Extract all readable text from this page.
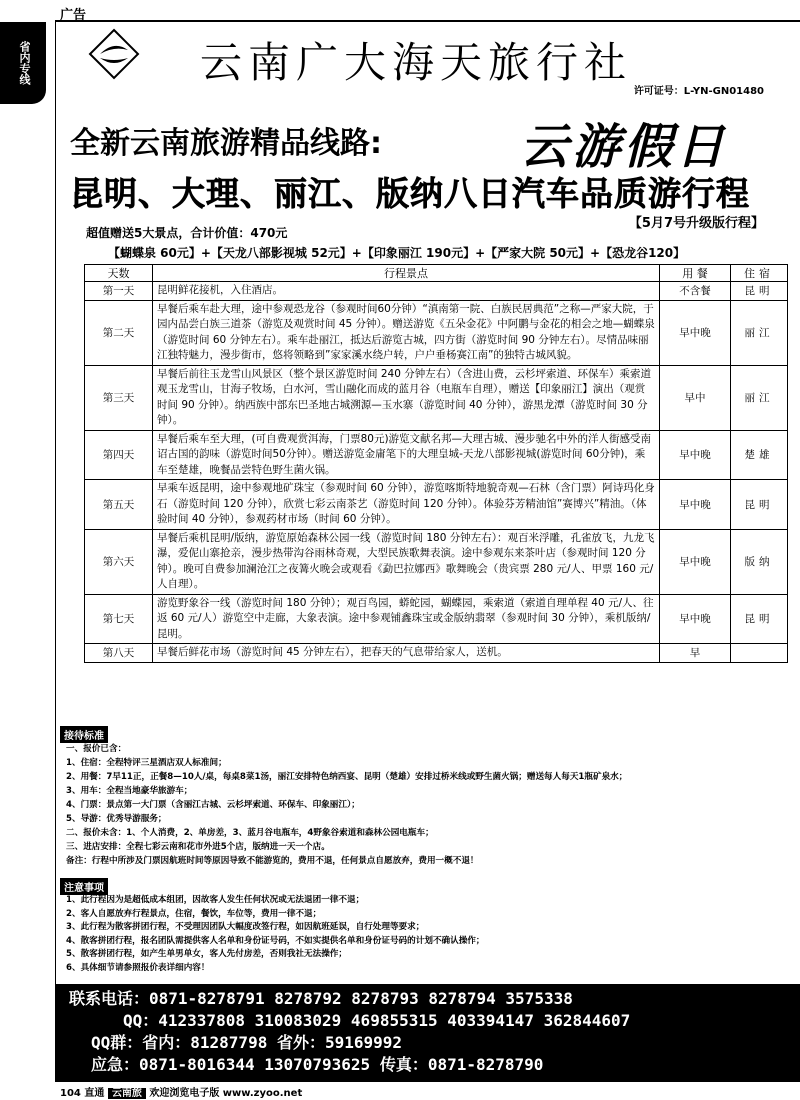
广告
省内专线	云南广大海天旅行社
许可证号：L-YN-GN01480
全新云南旅游精品线路:	云游假日
昆明、大理、丽江、版纳八日汽车品质游行程
【5月7号升级版行程】
超值赠送5大景点，合计价值：470元
【蝴蝶泉 60元】+【天龙八部影视城 52元】+【印象丽江 190元】+【严家大院 50元】+【恐龙谷120】
天数	行程景点	用 餐	住宿
第一天	昆明鲜花接机，入住酒店。	不含餐	昆明
第二天	早餐后乘车赴大理，途中参观恐龙谷（参观时间60分钟）“滇南第一院、白族民居典范”之称—严家大院，于园内品尝白族三道茶（游览及观赏时间 45 分钟）。赠送游览《五朵金花》中阿鹏与金花的相会之地—蝴蝶泉（游览时间 60 分钟左右）。乘车赴丽江，抵达后游览古城，四方街（游览时间 90 分钟左右）。尽情品味丽江独特魅力，漫步街市，悠将领略到”家家溪水绕户转，户户垂杨赛江南”的独特古城风貌。	早中晚	丽江
第三天	早餐后前往玉龙雪山风景区（整个景区游览时间 240 分钟左右）（含进山费，云杉坪索道、环保车）乘索道观玉龙雪山，甘海子牧场，白水河，雪山融化而成的蓝月谷（电瓶车自理），赠送【印象丽江】演出（观赏时间 90 分钟）。纳西族中部东巴圣地古城溯源—玉水寨（游览时间 40 分钟），游黑龙潭（游览时间 30 分钟）。	早中	丽江
第四天	早餐后乘车至大理，(可自费观赏洱海，门票80元)游览文献名邦—大理古城、漫步驰名中外的洋人街感受南诏古国的韵味（游览时间50分钟）。赠送游览金庸笔下的大理皇城-天龙八部影视城(游览时间 60分钟)，乘车至楚雄，晚餐品尝特色野生菌火锅。	早中晚	楚雄
第五天	早乘车返昆明，途中参观地矿珠宝（参观时间 60 分钟），游览喀斯特地貌奇观—石林（含门票）阿诗玛化身石（游览时间 120 分钟），欣赏七彩云南茶艺（游览时间 120 分钟）。体验芬芳精油馆”赛博兴”精油。（体验时间 40 分钟），参观药材市场（时间 60 分钟）。	早中晚	昆明
第六天	早餐后乘机昆明/版纳，游览原始森林公园一线（游览时间 180 分钟左右）：观百米浮雕，孔雀放飞，九龙飞瀑，爱伲山寨抢亲，漫步热带沟谷雨林奇观，大型民族歌舞表演。途中参观东来茶叶店（参观时间 120 分钟）。晚可自费参加澜沧江之夜篝火晚会或观看《勐巴拉娜西》歌舞晚会（贵宾票 280 元/人、甲票 160 元/人自理）。	早中晚	版纳
第七天	游览野象谷一线（游览时间 180 分钟）；观百鸟园，蟒蛇园，蝴蝶园，乘索道（索道自理单程 40 元/人、往返 60 元/人）游览空中走廊，大象表演。途中参观铺鑫珠宝或金版纳翡翠（参观时间 30 分钟），乘机版纳/昆明。	早中晚	昆明
第八天	早餐后鲜花市场（游览时间 45 分钟左右），把春天的气息带给家人，送机。	早	
接待标准
一、报价已含：
1、住宿：全程特评三星酒店双人标准间；
2、用餐：7早11正，正餐8—10人/桌，每桌8菜1汤，丽江安排特色纳西宴、昆明（楚雄）安排过桥米线或野生菌火锅；赠送每人每天1瓶矿泉水；
3、用车：全程当地豪华旅游车；
4、门票：景点第一大门票（含丽江古城、云杉坪索道、环保车、印象丽江）；
5、导游：优秀导游服务；
二、报价未含：1、个人消费，2、单房差，3、蓝月谷电瓶车，4野象谷索道和森林公园电瓶车；
三、进店安排：全程七彩云南和花市外进5个店，版纳进一天一个店。
备注：行程中所涉及门票因航班时间等原因导致不能游览的，费用不退，任何景点自愿放弃，费用一概不退！
注意事项
1、此行程因为是超低成本组团，因故客人发生任何状况或无法退团一律不退；
2、客人自愿放弃行程景点，住宿，餐饮，车位等，费用一律不退；
3、此行程为散客拼团行程，不受理因团队大幅度改签行程，如因航班延误，自行处理等要求；
4、散客拼团行程，报名团队需提供客人名单和身份证号码，不如实提供名单和身份证号码的计划不确认操作；
5、散客拼团行程，如产生单男单女，客人先付房差，否则我社无法操作；
6、具体细节请参照报价表详细内容！
联系电话：0871-8278791 8278792 8278793 8278794 3575338
QQ：412337808 310083029 469855315 403394147 362844607
QQ群：省内：81287798 省外：59169992
应急：0871-8016344 13070793625 传真：0871-8278790
104 直通 云南旅 欢迎浏览电子版 www.zyoo.net
